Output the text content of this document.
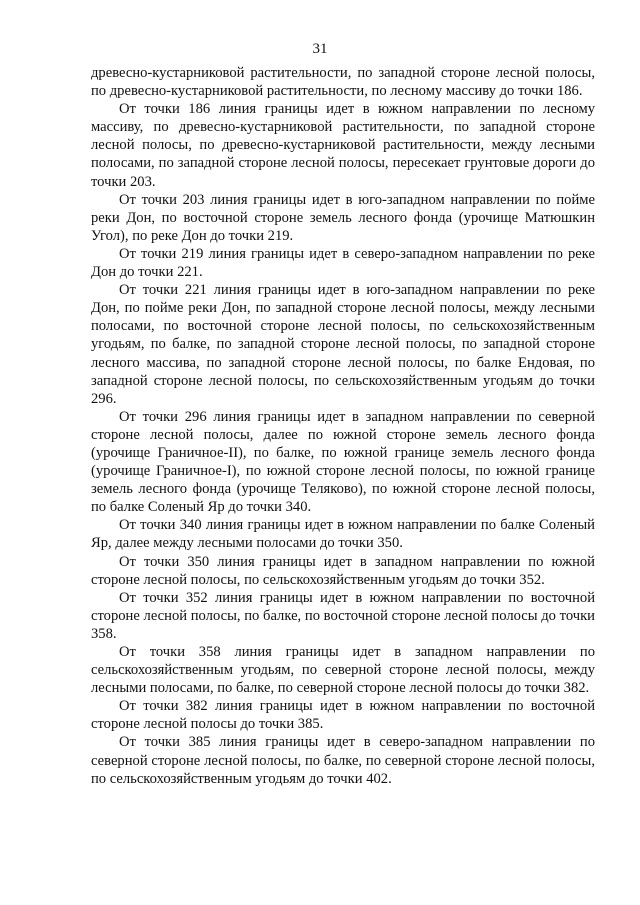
31

древесно-кустарниковой растительности, по западной стороне лесной полосы, по древесно-кустарниковой растительности, по лесному массиву до точки 186.

От точки 186 линия границы идет в южном направлении по лесному массиву, по древесно-кустарниковой растительности, по западной стороне лесной полосы, по древесно-кустарниковой растительности, между лесными полосами, по западной стороне лесной полосы, пересекает грунтовые дороги до точки 203.

От точки 203 линия границы идет в юго-западном направлении по пойме реки Дон, по восточной стороне земель лесного фонда (урочище Матюшкин Угол), по реке Дон до точки 219.

От точки 219 линия границы идет в северо-западном направлении по реке Дон до точки 221.

От точки 221 линия границы идет в юго-западном направлении по реке Дон, по пойме реки Дон, по западной стороне лесной полосы, между лесными полосами, по восточной стороне лесной полосы, по сельскохозяйственным угодьям, по балке, по западной стороне лесной полосы, по западной стороне лесного массива, по западной стороне лесной полосы, по балке Ендовая, по западной стороне лесной полосы, по сельскохозяйственным угодьям до точки 296.

От точки 296 линия границы идет в западном направлении по северной стороне лесной полосы, далее по южной стороне земель лесного фонда (урочище Граничное-II), по балке, по южной границе земель лесного фонда (урочище Граничное-I), по южной стороне лесной полосы, по южной границе земель лесного фонда (урочище Теляково), по южной стороне лесной полосы, по балке Соленый Яр до точки 340.

От точки 340 линия границы идет в южном направлении по балке Соленый Яр, далее между лесными полосами до точки 350.

От точки 350 линия границы идет в западном направлении по южной стороне лесной полосы, по сельскохозяйственным угодьям до точки 352.

От точки 352 линия границы идет в южном направлении по восточной стороне лесной полосы, по балке, по восточной стороне лесной полосы до точки 358.

От точки 358 линия границы идет в западном направлении по сельскохозяйственным угодьям, по северной стороне лесной полосы, между лесными полосами, по балке, по северной стороне лесной полосы до точки 382.

От точки 382 линия границы идет в южном направлении по восточной стороне лесной полосы до точки 385.

От точки 385 линия границы идет в северо-западном направлении по северной стороне лесной полосы, по балке, по северной стороне лесной полосы, по сельскохозяйственным угодьям до точки 402.
